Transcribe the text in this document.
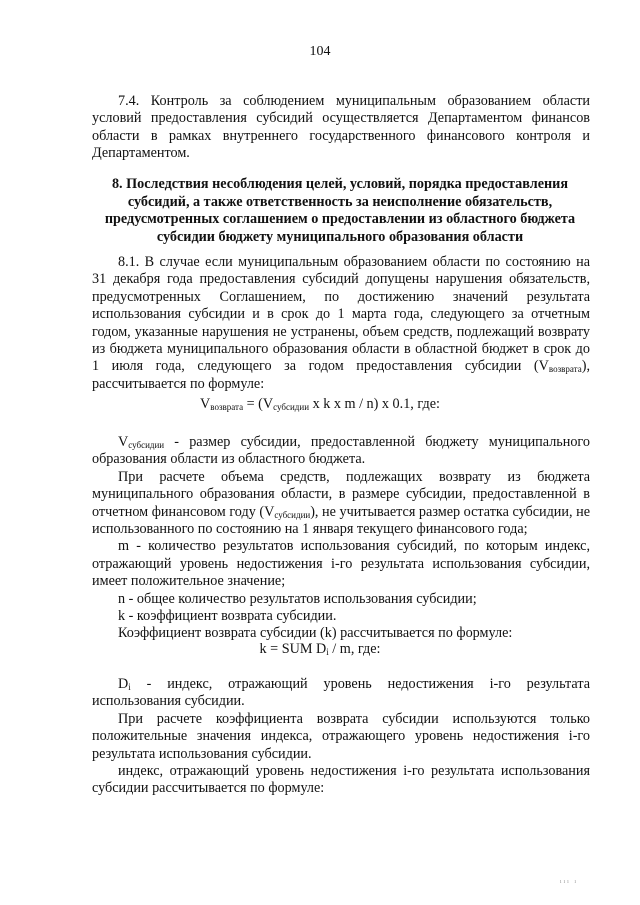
104

7.4. Контроль за соблюдением муниципальным образованием области условий предоставления субсидий осуществляется Департаментом финансов области в рамках внутреннего государственного финансового контроля и Департаментом.

8. Последствия несоблюдения целей, условий, порядка предоставления субсидий, а также ответственность за неисполнение обязательств, предусмотренных соглашением о предоставлении из областного бюджета субсидии бюджету муниципального образования области

8.1. В случае если муниципальным образованием области по состоянию на 31 декабря года предоставления субсидий допущены нарушения обязательств, предусмотренных Соглашением, по достижению значений результата использования субсидии и в срок до 1 марта года, следующего за отчетным годом, указанные нарушения не устранены, объем средств, подлежащий возврату из бюджета муниципального образования области в областной бюджет в срок до 1 июля года, следующего за годом предоставления субсидии $(V_{возврата})$, рассчитывается по формуле:

$V_{возврата} = (V_{субсидии}$ x k x m / n) x 0.1, где:

$V_{субсидии}$ - размер субсидии, предоставленной бюджету муниципального образования области из областного бюджета.

При расчете объема средств, подлежащих возврату из бюджета муниципального образования области, в размере субсидии, предоставленной в отчетном финансовом году $(V_{субсидии})$, не учитывается размер остатка субсидии, не использованного по состоянию на 1 января текущего финансового года;

m - количество результатов использования субсидий, по которым индекс, отражающий уровень недостижения i-го результата использования субсидии, имеет положительное значение;

n - общее количество результатов использования субсидии;

k - коэффициент возврата субсидии.

Коэффициент возврата субсидии (k) рассчитывается по формуле:

k = SUM $D_i$ / m, где:

$D_i$ - индекс, отражающий уровень недостижения i-го результата использования субсидии.

При расчете коэффициента возврата субсидии используются только положительные значения индекса, отражающего уровень недостижения i-го результата использования субсидии.

индекс, отражающий уровень недостижения i-го результата использования субсидии рассчитывается по формуле:

ııı ı
